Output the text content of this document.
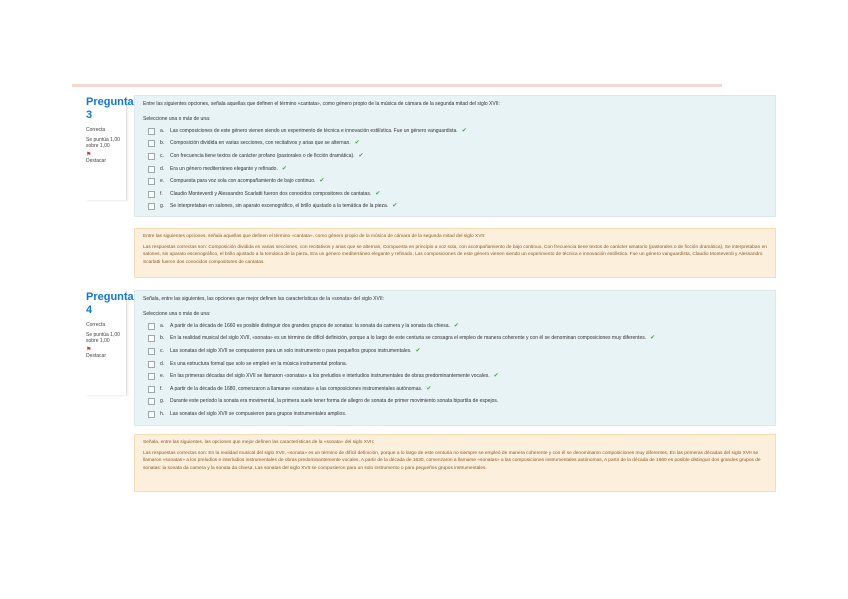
Pregunta
3
Correcta
Se puntúa 1,00 sobre 1,00
⚑
Destacar

Entre las siguientes opciones, señala aquellas que definen el término «cantata», como género propio de la música de cámara de la segunda mitad del siglo XVII:

Seleccione una o más de una:

a.	Las composiciones de este género vienen siendo un experimento de técnica e innovación estilística. Fue un género vanguardista. ✔
b.	Composición dividida en varias secciones, con recitativos y arias que se alternan. ✔
c.	Con frecuencia tiene textos de carácter profano (pastorales o de ficción dramática). ✔
d.	Era un género mediterráneo elegante y refinado. ✔
e.	Compuesta para voz sola con acompañamiento de bajo continuo. ✔
f.	Claudio Monteverdi y Alessandro Scarlatti fueron dos conocidos compositores de cantatas. ✔
g.	Se interpretaban en salones, sin aparato escenográfico, el brillo ajustado a la temática de la pieza. ✔

Entre las siguientes opciones, señala aquellas que definen el término «cantata», como género propio de la música de cámara de la segunda mitad del siglo XVII:

Las respuestas correctas son: Composición dividida en varias secciones, con recitativos y arias que se alternan, Compuesta en principio a voz sola, con acompañamiento de bajo continuo, Con frecuencia tiene textos de carácter amatorio (pastorales o de ficción dramática), Se interpretaban en salones, sin aparato escenográfico, el brillo ajustado a la temática de la pieza, Era un género mediterráneo elegante y refinado, Las composiciones de este género vienen siendo un experimento de técnica e innovación estilística. Fue un género vanguardista, Claudio Monteverdi y Alessandro Scarlatti fueron dos conocidos compositores de cantatas.

Pregunta
4
Correcta
Se puntúa 1,00 sobre 1,00
⚑
Destacar

Señala, entre las siguientes, las opciones que mejor definen las características de la «sonata» del siglo XVII:

Seleccione una o más de una:

a.	A partir de la década de 1660 es posible distinguir dos grandes grupos de sonatas: la sonata da camera y la sonata da chiesa. ✔
b.	En la realidad musical del siglo XVII, «sonata» es un término de difícil definición, porque a lo largo de este centuria se consagra el empleo de manera coherente y con él se denominan composiciones muy diferentes. ✔
c.	Las sonatas del siglo XVII se compusieron para un solo instrumento o para pequeños grupos instrumentales. ✔
d.	Es una estructura formal que solo se empleó en la música instrumental profana.
e.	En las primeras décadas del siglo XVII se llamaron «sonatas» a los preludios e interludios instrumentales de obras predominantemente vocales. ✔
f.	A partir de la década de 1680, comenzaron a llamarse «sonatas» a las composiciones instrumentales autónomas. ✔
g.	Durante este período la sonata era movimental, la primera suele tener forma de allegro de sonata de primer movimiento sonata bipartita de espejos.
h.	Las sonatas del siglo XVII se compusieron para grupos instrumentales amplios.

Señala, entre las siguientes, las opciones que mejor definen las características de la «sonata» del siglo XVII:

Las respuestas correctas son: En la realidad musical del siglo XVII, «sonata» es un término de difícil definición, porque a lo largo de este centuria no siempre se empleó de manera coherente y con él se denominaron composiciones muy diferentes, En las primeras décadas del siglo XVII se llamaron «sonatas» a los preludios e interludios instrumentales de obras predominantemente vocales, A partir de la década de 1630, comenzaron a llamarse «sonatas» a las composiciones instrumentales autónomas, A partir de la década de 1660 es posible distinguir dos grandes grupos de sonatas: la sonata da camera y la sonata da chiesa, Las sonatas del siglo XVII se compusieron para un solo instrumento o para pequeños grupos instrumentales.
